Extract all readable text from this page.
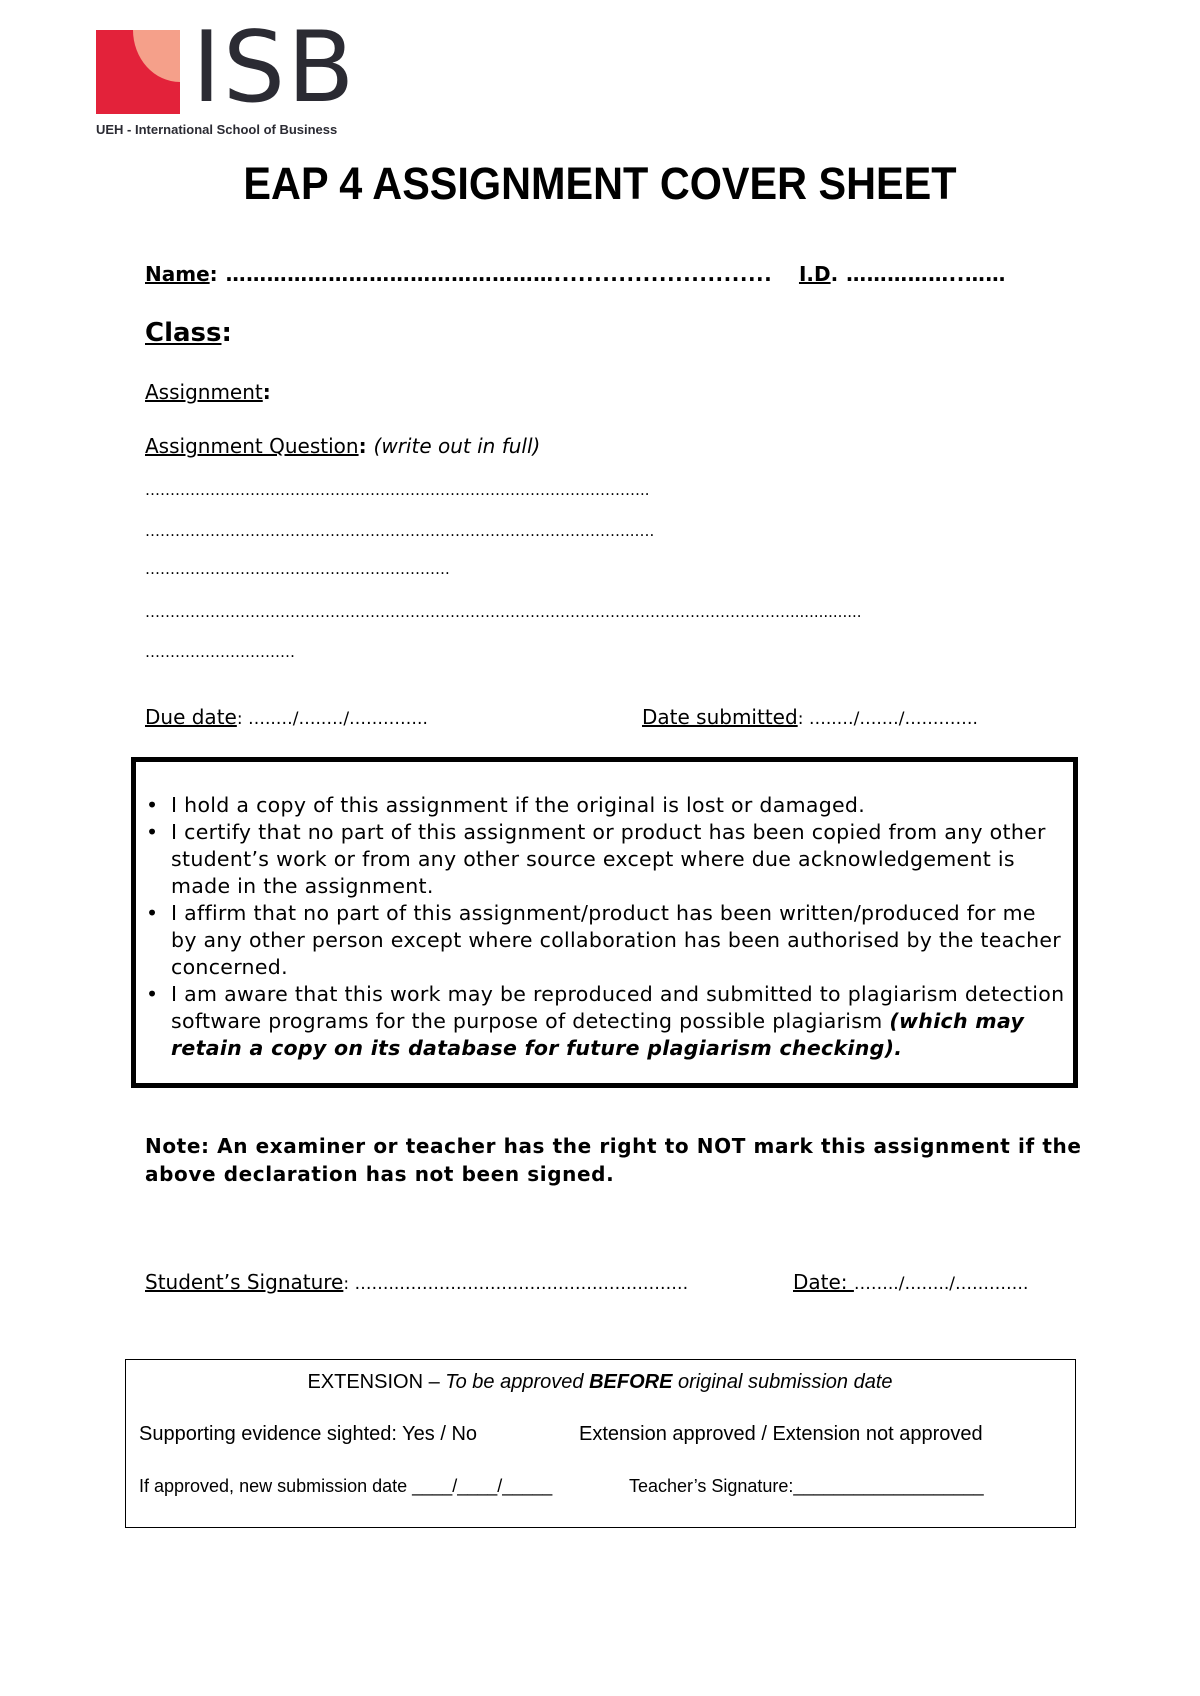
ISB
UEH - International School of Business
EAP 4 ASSIGNMENT COVER SHEET
Name: …………………………………………........................... I.D. ……………..……
Class:
Assignment:
Assignment Question: (write out in full)
………………………………………………………………………………………..
……………………………………………………………………………………..….
…………………………………………………….
…………………………………………………………………………………………………………………...............
…………………………
Due date: …..…/…..…/…………..	Date submitted: …..…/….…/………….
• I hold a copy of this assignment if the original is lost or damaged.
• I certify that no part of this assignment or product has been copied from any other student’s work or from any other source except where due acknowledgement is made in the assignment.
• I affirm that no part of this assignment/product has been written/produced for me by any other person except where collaboration has been authorised by the teacher concerned.
• I am aware that this work may be reproduced and submitted to plagiarism detection software programs for the purpose of detecting possible plagiarism (which may retain a copy on its database for future plagiarism checking).
Note: An examiner or teacher has the right to NOT mark this assignment if the above declaration has not been signed.
Student’s Signature: ……..……………………………………………	Date: ……../……../………….
EXTENSION – To be approved BEFORE original submission date
Supporting evidence sighted: Yes / No	Extension approved / Extension not approved
If approved, new submission date ____/____/_____	Teacher’s Signature:___________________
